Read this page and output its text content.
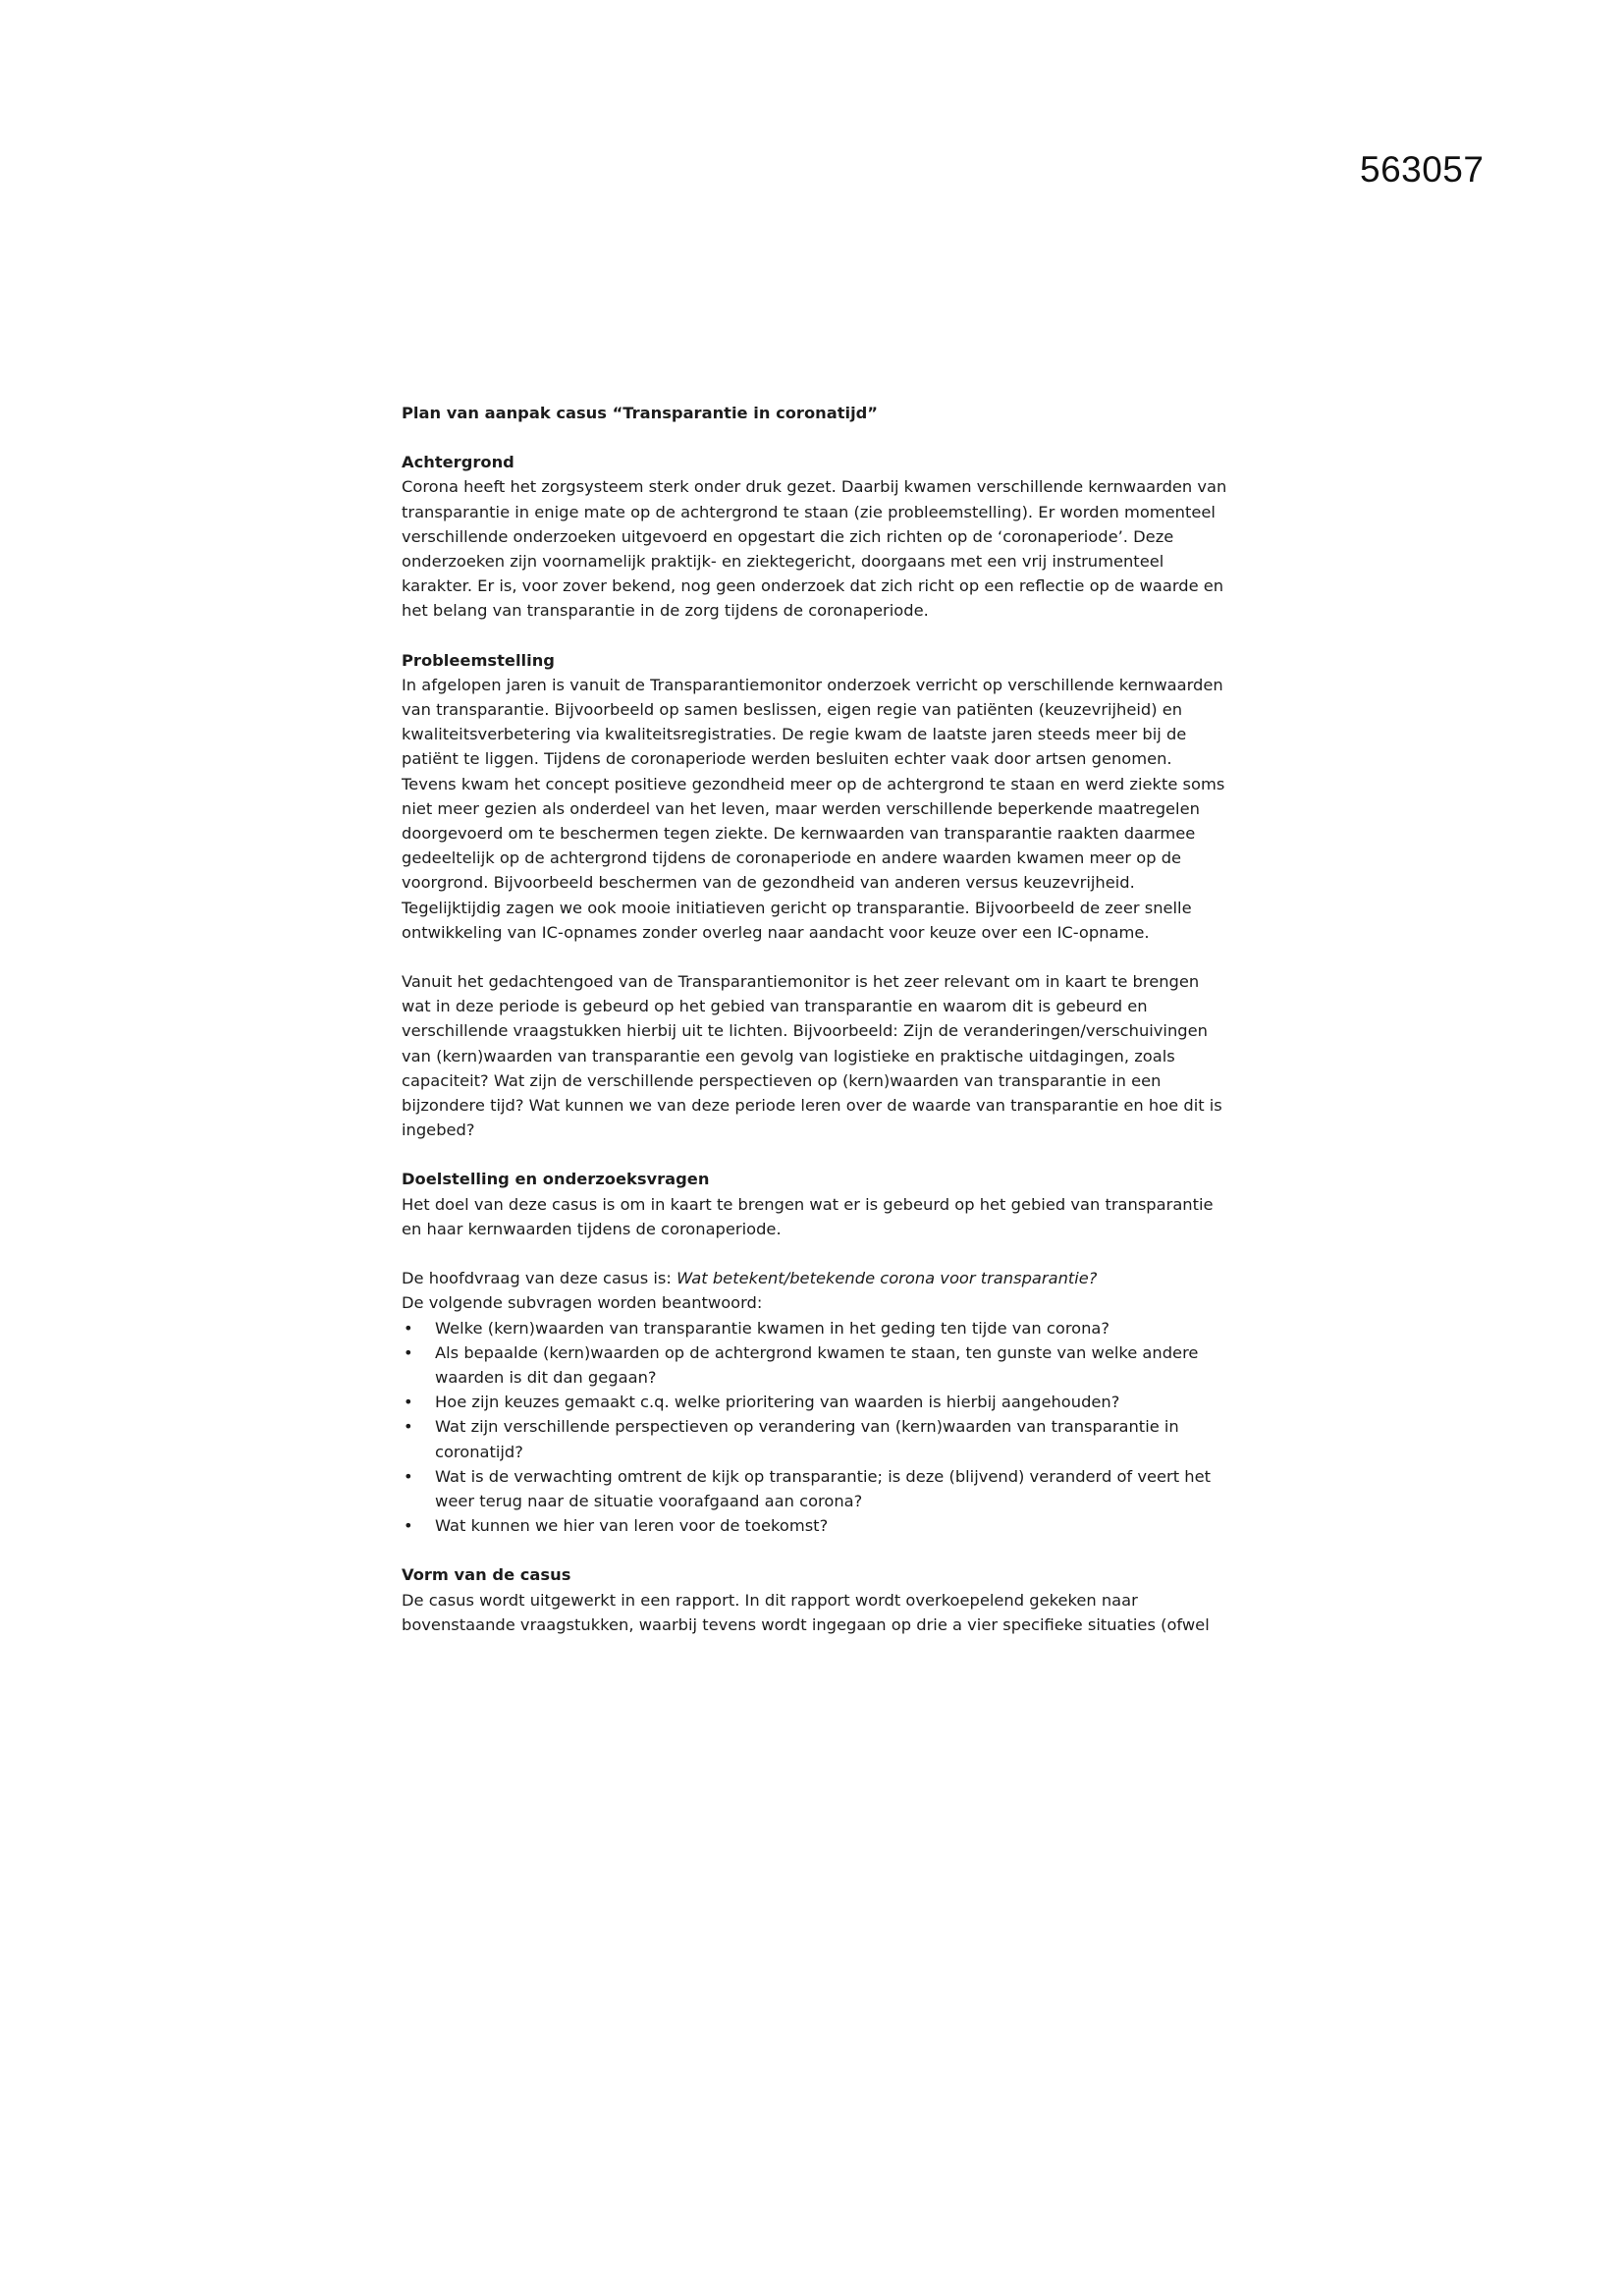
563057
Plan van aanpak casus “Transparantie in coronatijd”
Achtergrond

Corona heeft het zorgsysteem sterk onder druk gezet. Daarbij kwamen verschillende kernwaarden van transparantie in enige mate op de achtergrond te staan (zie probleemstelling). Er worden momenteel verschillende onderzoeken uitgevoerd en opgestart die zich richten op de ‘coronaperiode’. Deze onderzoeken zijn voornamelijk praktijk- en ziektegericht, doorgaans met een vrij instrumenteel karakter. Er is, voor zover bekend, nog geen onderzoek dat zich richt op een reflectie op de waarde en het belang van transparantie in de zorg tijdens de coronaperiode.

Probleemstelling

In afgelopen jaren is vanuit de Transparantiemonitor onderzoek verricht op verschillende kernwaarden van transparantie. Bijvoorbeeld op samen beslissen, eigen regie van patiënten (keuzevrijheid) en kwaliteitsverbetering via kwaliteitsregistraties. De regie kwam de laatste jaren steeds meer bij de patiënt te liggen. Tijdens de coronaperiode werden besluiten echter vaak door artsen genomen. Tevens kwam het concept positieve gezondheid meer op de achtergrond te staan en werd ziekte soms niet meer gezien als onderdeel van het leven, maar werden verschillende beperkende maatregelen doorgevoerd om te beschermen tegen ziekte. De kernwaarden van transparantie raakten daarmee gedeeltelijk op de achtergrond tijdens de coronaperiode en andere waarden kwamen meer op de voorgrond. Bijvoorbeeld beschermen van de gezondheid van anderen versus keuzevrijheid. Tegelijktijdig zagen we ook mooie initiatieven gericht op transparantie. Bijvoorbeeld de zeer snelle ontwikkeling van IC-opnames zonder overleg naar aandacht voor keuze over een IC-opname.

Vanuit het gedachtengoed van de Transparantiemonitor is het zeer relevant om in kaart te brengen wat in deze periode is gebeurd op het gebied van transparantie en waarom dit is gebeurd en verschillende vraagstukken hierbij uit te lichten. Bijvoorbeeld: Zijn de veranderingen/verschuivingen van (kern)waarden van transparantie een gevolg van logistieke en praktische uitdagingen, zoals capaciteit? Wat zijn de verschillende perspectieven op (kern)waarden van transparantie in een bijzondere tijd? Wat kunnen we van deze periode leren over de waarde van transparantie en hoe dit is ingebed?

Doelstelling en onderzoeksvragen

Het doel van deze casus is om in kaart te brengen wat er is gebeurd op het gebied van transparantie en haar kernwaarden tijdens de coronaperiode.

De hoofdvraag van deze casus is: Wat betekent/betekende corona voor transparantie?
De volgende subvragen worden beantwoord:
• Welke (kern)waarden van transparantie kwamen in het geding ten tijde van corona?
• Als bepaalde (kern)waarden op de achtergrond kwamen te staan, ten gunste van welke andere waarden is dit dan gegaan?
• Hoe zijn keuzes gemaakt c.q. welke prioritering van waarden is hierbij aangehouden?
• Wat zijn verschillende perspectieven op verandering van (kern)waarden van transparantie in coronatijd?
• Wat is de verwachting omtrent de kijk op transparantie; is deze (blijvend) veranderd of veert het weer terug naar de situatie voorafgaand aan corona?
• Wat kunnen we hier van leren voor de toekomst?
Vorm van de casus

De casus wordt uitgewerkt in een rapport. In dit rapport wordt overkoepelend gekeken naar bovenstaande vraagstukken, waarbij tevens wordt ingegaan op drie a vier specifieke situaties (ofwel
